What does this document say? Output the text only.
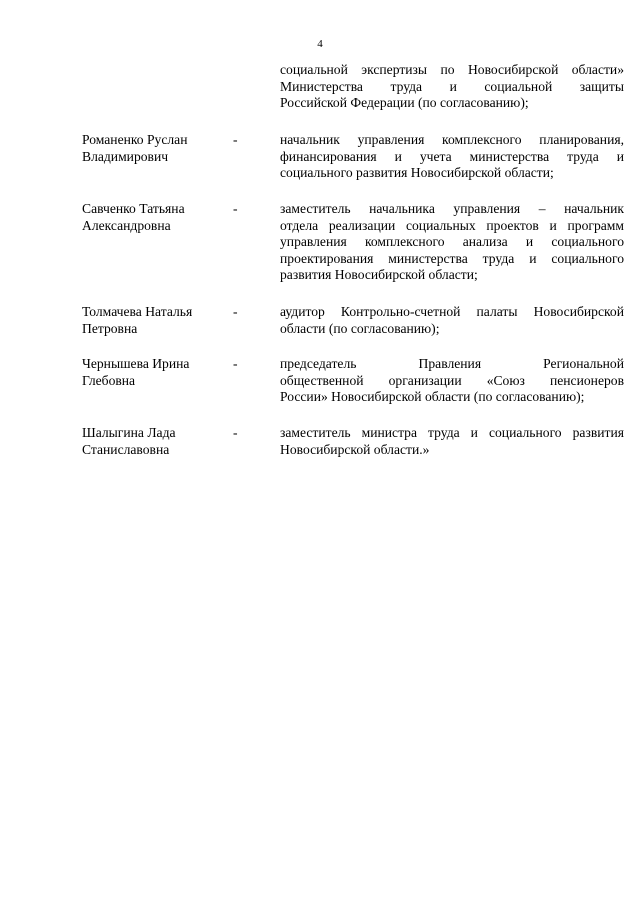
4
социальной экспертизы по Новосибирской области»
Министерства труда и социальной защиты
Российской Федерации (по согласованию);
Романенко Руслан
Владимирович
-	начальник управления комплексного планирования,
финансирования и учета министерства труда и
социального развития Новосибирской области;
Савченко Татьяна
Александровна
-	заместитель начальника управления – начальник
отдела реализации социальных проектов и программ
управления комплексного анализа и социального
проектирования министерства труда и социального
развития Новосибирской области;
Толмачева Наталья
Петровна
-	аудитор Контрольно-счетной палаты Новосибирской
области (по согласованию);
Чернышева Ирина
Глебовна
-	председатель Правления Региональной
общественной организации «Союз пенсионеров
России» Новосибирской области (по согласованию);
Шалыгина Лада
Станиславовна
-	заместитель министра труда и социального развития
Новосибирской области.»
